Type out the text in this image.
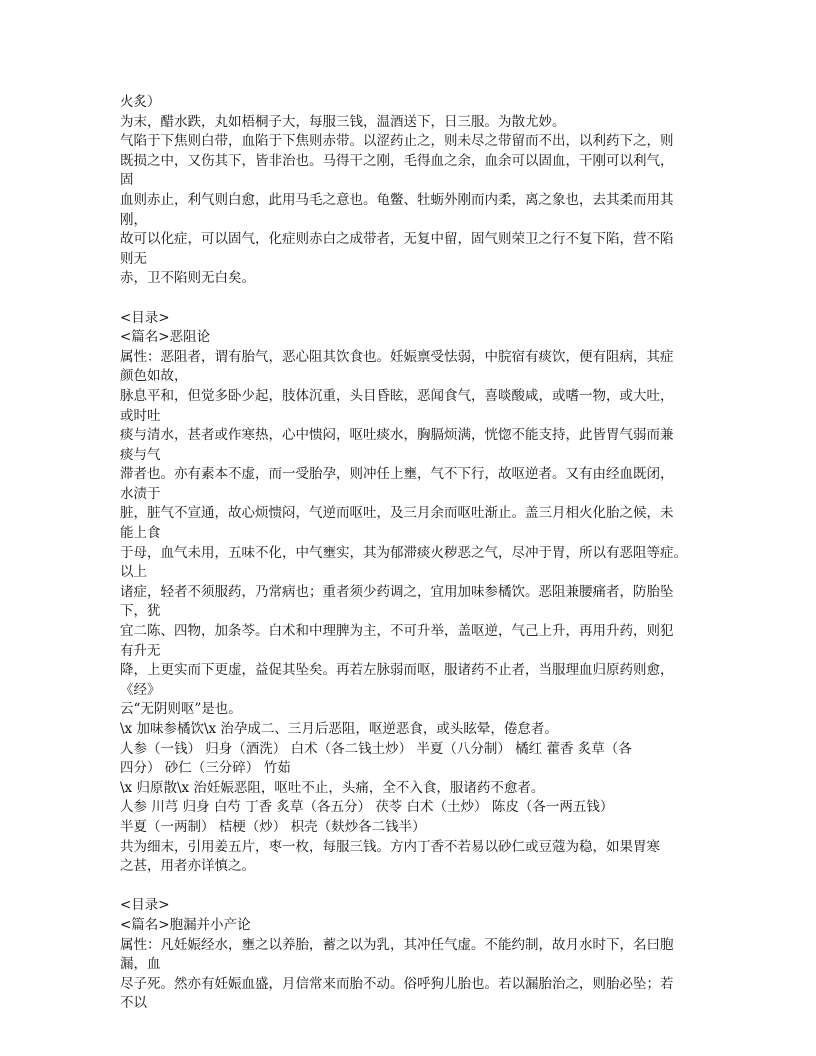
火炙）
为末，醋水跌，丸如梧桐子大，每服三钱，温酒送下，日三服。为散尤妙。
气陷于下焦则白带，血陷于下焦则赤带。以涩药止之，则未尽之带留而不出，以利药下之，则
既损之中，又伤其下，皆非治也。马得干之刚，毛得血之余，血余可以固血，干刚可以利气，
固
血则赤止，利气则白愈，此用马毛之意也。龟鳖、牡蛎外刚而内柔，离之象也，去其柔而用其
刚，
故可以化症，可以固气，化症则赤白之成带者，无复中留，固气则荣卫之行不复下陷，营不陷
则无
赤，卫不陷则无白矣。
<目录>
<篇名>恶阻论
属性：恶阻者，谓有胎气，恶心阻其饮食也。妊娠禀受怯弱，中脘宿有痰饮，便有阻病，其症
颜色如故，
脉息平和，但觉多卧少起，肢体沉重，头目昏眩，恶闻食气，喜啖酸咸，或嗜一物，或大吐，
或时吐
痰与清水，甚者或作寒热，心中愦闷，呕吐痰水，胸膈烦满，恍惚不能支持，此皆胃气弱而兼
痰与气
滞者也。亦有素本不虚，而一受胎孕，则冲任上壅，气不下行，故呕逆者。又有由经血既闭，
水渍于
脏，脏气不宣通，故心烦愦闷，气逆而呕吐，及三月余而呕吐渐止。盖三月相火化胎之候，未
能上食
于母，血气未用，五味不化，中气壅实，其为郁滞痰火秽恶之气，尽冲于胃，所以有恶阻等症。
以上
诸症，轻者不须服药，乃常病也；重者须少药调之，宜用加味参橘饮。恶阻兼腰痛者，防胎坠
下，犹
宜二陈、四物，加条芩。白术和中理脾为主，不可升举，盖呕逆，气己上升，再用升药，则犯
有升无
降，上更实而下更虚，益促其坠矣。再若左脉弱而呕，服诸药不止者，当服理血归原药则愈，
《经》
云“无阴则呕”是也。
\x 加味参橘饮\x 治孕成二、三月后恶阻，呕逆恶食，或头眩晕，倦怠者。
人参（一钱） 归身（酒洗） 白术（各二钱土炒） 半夏（八分制） 橘红 藿香 炙草（各
四分） 砂仁（三分碎） 竹茹
\x 归原散\x 治妊娠恶阻，呕吐不止，头痛，全不入食，服诸药不愈者。
人参 川芎 归身 白芍 丁香 炙草（各五分） 茯苓 白术（土炒） 陈皮（各一两五钱）
半夏（一两制） 桔梗（炒） 枳壳（麸炒各二钱半）
共为细末，引用姜五片，枣一枚，每服三钱。方内丁香不若易以砂仁或豆蔻为稳，如果胃寒
之甚，用者亦详慎之。
<目录>
<篇名>胞漏并小产论
属性：凡妊娠经水，壅之以养胎，蓄之以为乳，其冲任气虚。不能约制，故月水时下，名曰胞
漏，血
尽子死。然亦有妊娠血盛，月信常来而胎不动。俗呼狗儿胎也。若以漏胎治之，则胎必坠；若
不以
